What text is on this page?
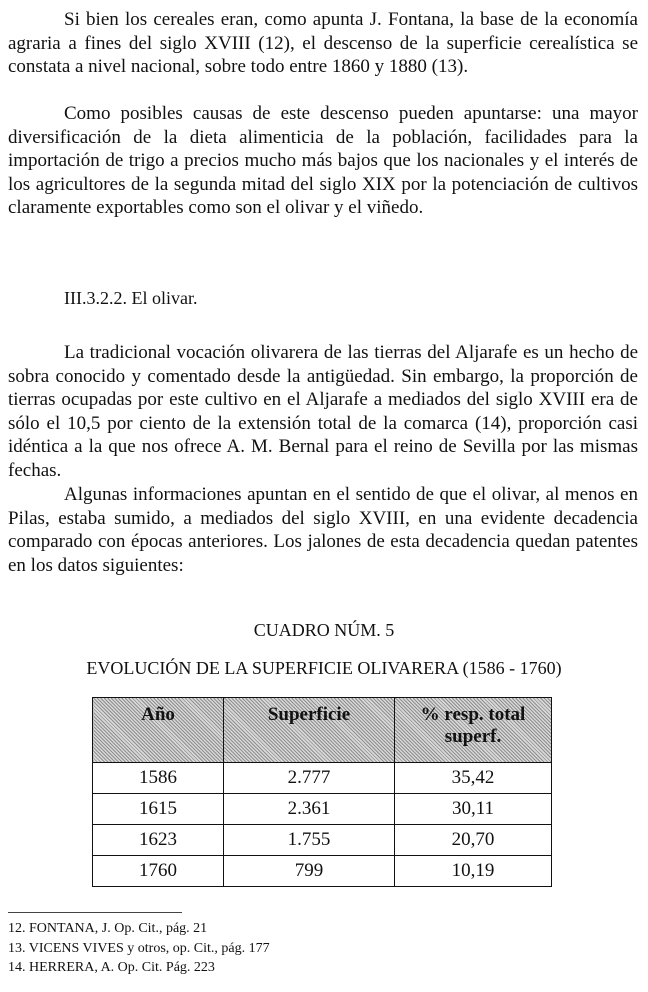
Si bien los cereales eran, como apunta J. Fontana, la base de la economía agraria a fines del siglo XVIII (12), el descenso de la superficie cerealística se constata a nivel nacional, sobre todo entre 1860 y 1880 (13).

Como posibles causas de este descenso pueden apuntarse: una mayor diversificación de la dieta alimenticia de la población, facilidades para la importación de trigo a precios mucho más bajos que los nacionales y el interés de los agricultores de la segunda mitad del siglo XIX por la potenciación de cultivos claramente exportables como son el olivar y el viñedo.

III.3.2.2. El olivar.

La tradicional vocación olivarera de las tierras del Aljarafe es un hecho de sobra conocido y comentado desde la antigüedad. Sin embargo, la proporción de tierras ocupadas por este cultivo en el Aljarafe a mediados del siglo XVIII era de sólo el 10,5 por ciento de la extensión total de la comarca (14), proporción casi idéntica a la que nos ofrece A. M. Bernal para el reino de Sevilla por las mismas fechas.

Algunas informaciones apuntan en el sentido de que el olivar, al menos en Pilas, estaba sumido, a mediados del siglo XVIII, en una evidente decadencia comparado con épocas anteriores. Los jalones de esta decadencia quedan patentes en los datos siguientes:

CUADRO NÚM. 5

EVOLUCIÓN DE LA SUPERFICIE OLIVARERA (1586 - 1760)

Año	Superficie	% resp. total superf.
1586	2.777	35,42
1615	2.361	30,11
1623	1.755	20,70
1760	799	10,19
12. FONTANA, J. Op. Cit., pág. 21
13. VICENS VIVES y otros, op. Cit., pág. 177
14. HERRERA, A. Op. Cit. Pág. 223
